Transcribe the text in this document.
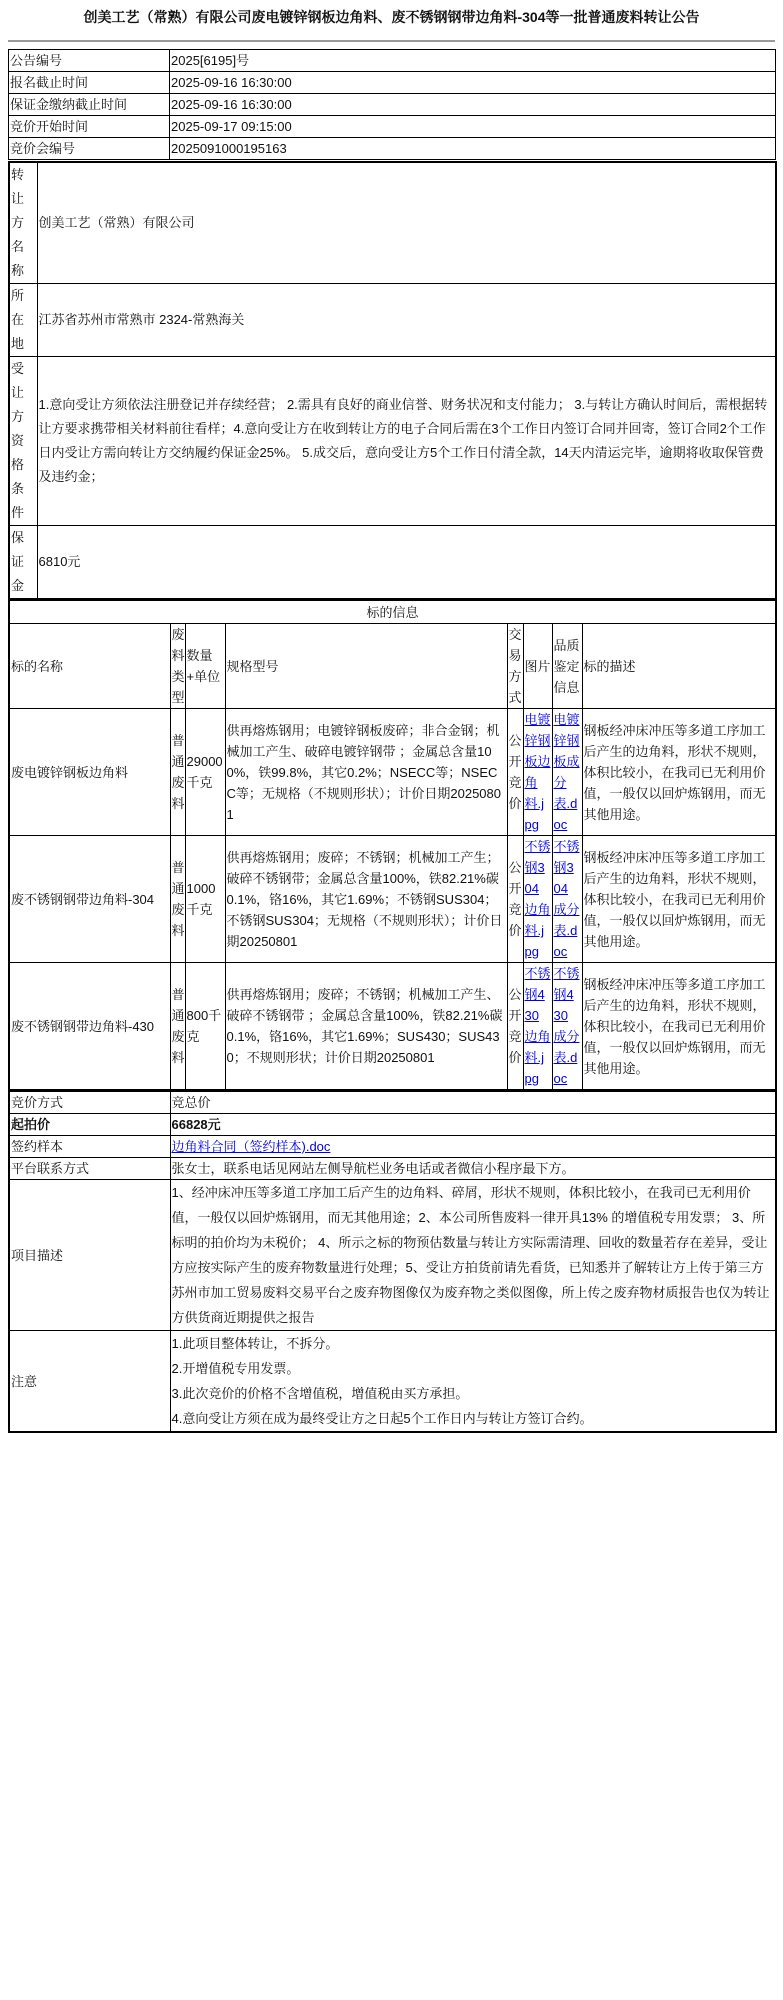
创美工艺（常熟）有限公司废电镀锌钢板边角料、废不锈钢钢带边角料-304等一批普通废料转让公告
公告编号	2025[6195]号
报名截止时间	2025-09-16 16:30:00
保证金缴纳截止时间	2025-09-16 16:30:00
竞价开始时间	2025-09-17 09:15:00
竞价会编号	2025091000195163
转让方名称	创美工艺（常熟）有限公司
所在地	江苏省苏州市常熟市 2324-常熟海关
受让方资格条件	1.意向受让方须依法注册登记并存续经营； 2.需具有良好的商业信誉、财务状况和支付能力； 3.与转让方确认时间后，需根据转让方要求携带相关材料前往看样；4.意向受让方在收到转让方的电子合同后需在3个工作日内签订合同并回寄，签订合同2个工作日内受让方需向转让方交纳履约保证金25%。 5.成交后，意向受让方5个工作日付清全款，14天内清运完毕，逾期将收取保管费及违约金；
保证金	6810元
标的信息							
标的名称	废料类型	数量+单位	规格型号	交易方式	图片	品质鉴定信息	标的描述
废电镀锌钢板边角料	普通废料	29000千克	供再熔炼钢用；电镀锌钢板废碎；非合金钢；机械加工产生、破碎电镀锌钢带 ；金属总含量100%，铁99.8%，其它0.2%；NSECC等；NSECC等；无规格（不规则形状）；计价日期20250801	公开竞价	电镀锌钢板边角料.jpg	电镀锌钢板成分表.doc	钢板经冲床冲压等多道工序加工后产生的边角料，形状不规则，体积比较小，在我司已无利用价值，一般仅以回炉炼钢用，而无其他用途。
废不锈钢钢带边角料-304	普通废料	1000千克	供再熔炼钢用；废碎；不锈钢；机械加工产生；破碎不锈钢带；金属总含量100%，铁82.21%碳0.1%，铬16%，其它1.69%；不锈钢SUS304；不锈钢SUS304；无规格（不规则形状）；计价日期20250801	公开竞价	不锈钢304边角料.jpg	不锈钢304成分表.doc	钢板经冲床冲压等多道工序加工后产生的边角料，形状不规则，体积比较小，在我司已无利用价值，一般仅以回炉炼钢用，而无其他用途。
废不锈钢钢带边角料-430	普通废料	800千克	供再熔炼钢用；废碎；不锈钢；机械加工产生、破碎不锈钢带 ；金属总含量100%，铁82.21%碳0.1%，铬16%，其它1.69%；SUS430；SUS430；不规则形状；计价日期20250801	公开竞价	不锈钢430边角料.jpg	不锈钢430成分表.doc	钢板经冲床冲压等多道工序加工后产生的边角料，形状不规则，体积比较小，在我司已无利用价值，一般仅以回炉炼钢用，而无其他用途。
竞价方式	竞总价
起拍价	66828元
签约样本	边角料合同（签约样本).doc
平台联系方式	张女士，联系电话见网站左侧导航栏业务电话或者微信小程序最下方。
项目描述	1、经冲床冲压等多道工序加工后产生的边角料、碎屑，形状不规则，体积比较小，在我司已无利用价值，一般仅以回炉炼钢用，而无其他用途；2、本公司所售废料一律开具13% 的增值税专用发票； 3、所标明的拍价均为未税价； 4、所示之标的物预估数量与转让方实际需清理、回收的数量若存在差异，受让方应按实际产生的废弃物数量进行处理；5、受让方拍货前请先看货，已知悉并了解转让方上传于第三方苏州市加工贸易废料交易平台之废弃物图像仅为废弃物之类似图像，所上传之废弃物材质报告也仅为转让方供货商近期提供之报告
注意	1.此项目整体转让，不拆分。
2.开增值税专用发票。
3.此次竞价的价格不含增值税，增值税由买方承担。
4.意向受让方须在成为最终受让方之日起5个工作日内与转让方签订合约。
